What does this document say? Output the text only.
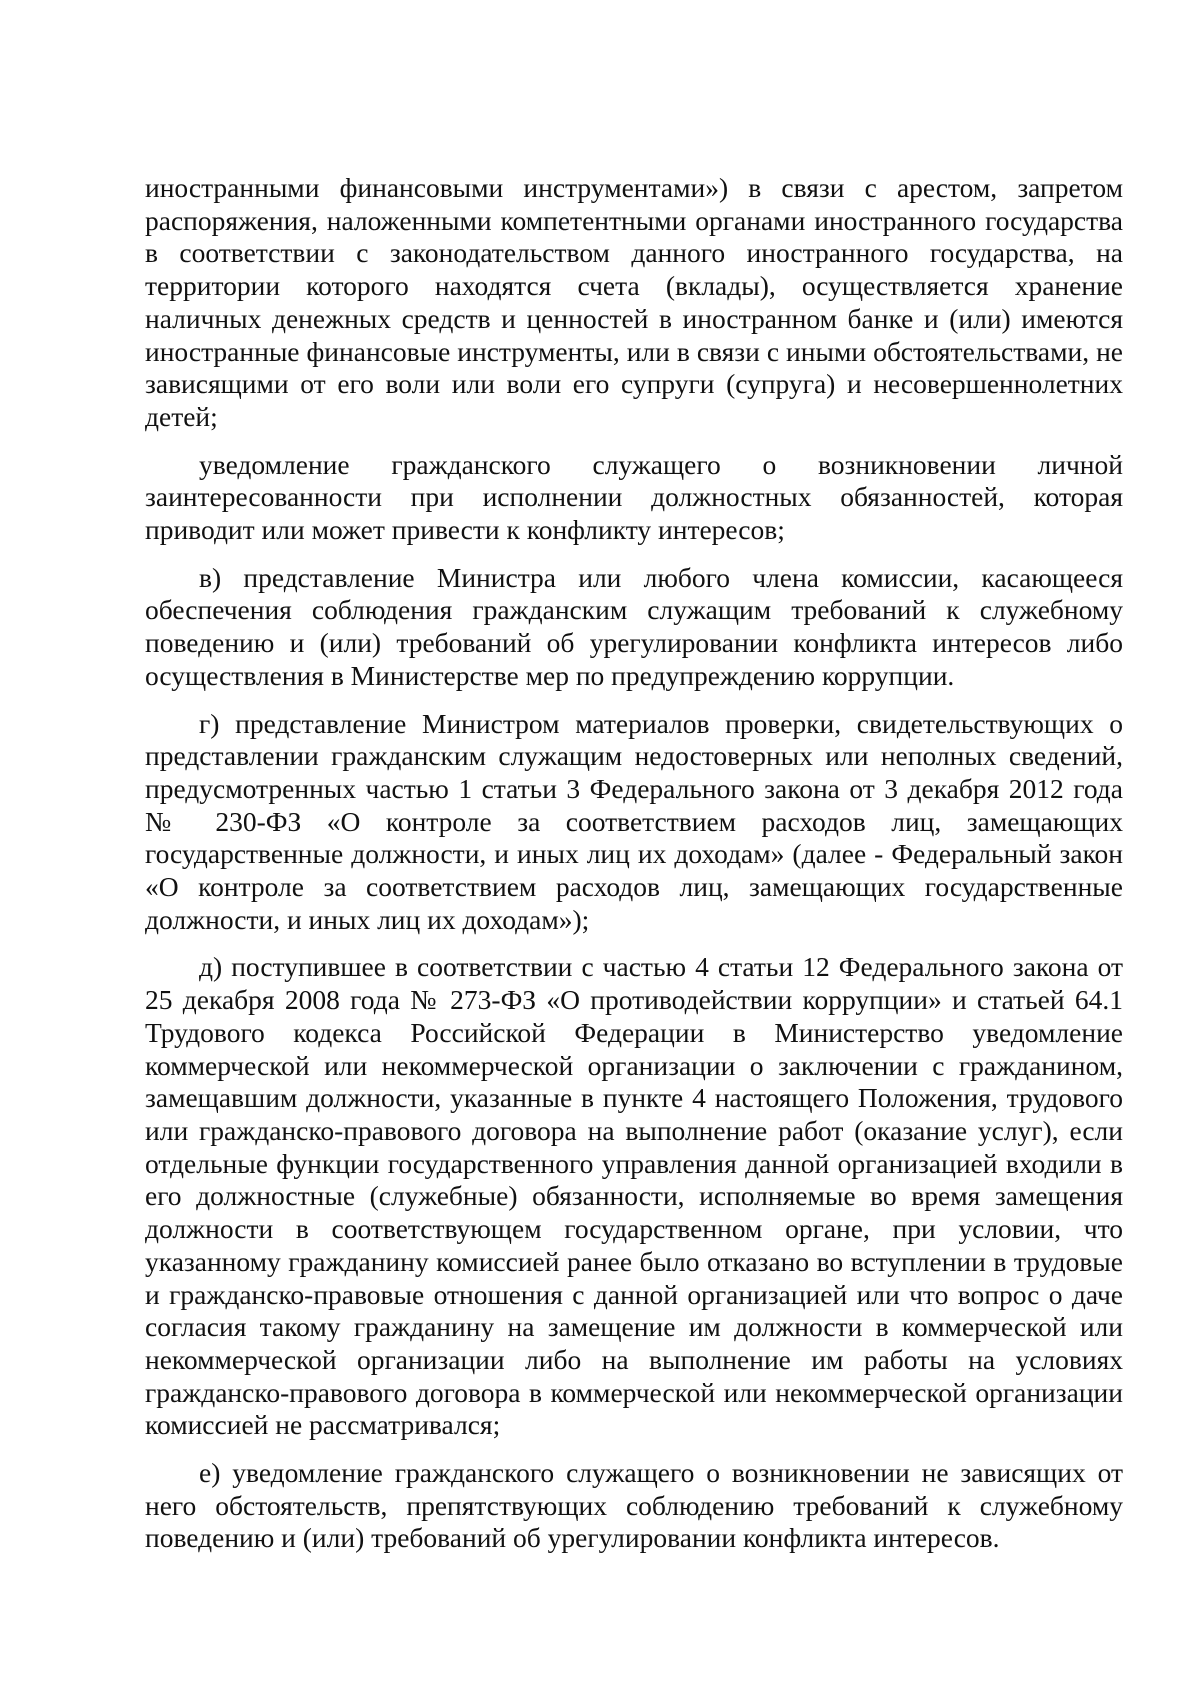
иностранными финансовыми инструментами») в связи с арестом, запретом распоряжения, наложенными компетентными органами иностранного государства в соответствии с законодательством данного иностранного государства, на территории которого находятся счета (вклады), осуществляется хранение наличных денежных средств и ценностей в иностранном банке и (или) имеются иностранные финансовые инструменты, или в связи с иными обстоятельствами, не зависящими от его воли или воли его супруги (супруга) и несовершеннолетних детей;

уведомление гражданского служащего о возникновении личной заинтересованности при исполнении должностных обязанностей, которая приводит или может привести к конфликту интересов;

в) представление Министра или любого члена комиссии, касающееся обеспечения соблюдения гражданским служащим требований к служебному поведению и (или) требований об урегулировании конфликта интересов либо осуществления в Министерстве мер по предупреждению коррупции.

г) представление Министром материалов проверки, свидетельствующих о представлении гражданским служащим недостоверных или неполных сведений, предусмотренных частью 1 статьи 3 Федерального закона от 3 декабря 2012 года № 230-ФЗ «О контроле за соответствием расходов лиц, замещающих государственные должности, и иных лиц их доходам» (далее - Федеральный закон «О контроле за соответствием расходов лиц, замещающих государственные должности, и иных лиц их доходам»);

д) поступившее в соответствии с частью 4 статьи 12 Федерального закона от 25 декабря 2008 года № 273-ФЗ «О противодействии коррупции» и статьей 64.1 Трудового кодекса Российской Федерации в Министерство уведомление коммерческой или некоммерческой организации о заключении с гражданином, замещавшим должности, указанные в пункте 4 настоящего Положения, трудового или гражданско-правового договора на выполнение работ (оказание услуг), если отдельные функции государственного управления данной организацией входили в его должностные (служебные) обязанности, исполняемые во время замещения должности в соответствующем государственном органе, при условии, что указанному гражданину комиссией ранее было отказано во вступлении в трудовые и гражданско-правовые отношения с данной организацией или что вопрос о даче согласия такому гражданину на замещение им должности в коммерческой или некоммерческой организации либо на выполнение им работы на условиях гражданско-правового договора в коммерческой или некоммерческой организации комиссией не рассматривался;

е) уведомление гражданского служащего о возникновении не зависящих от него обстоятельств, препятствующих соблюдению требований к служебному поведению и (или) требований об урегулировании конфликта интересов.
